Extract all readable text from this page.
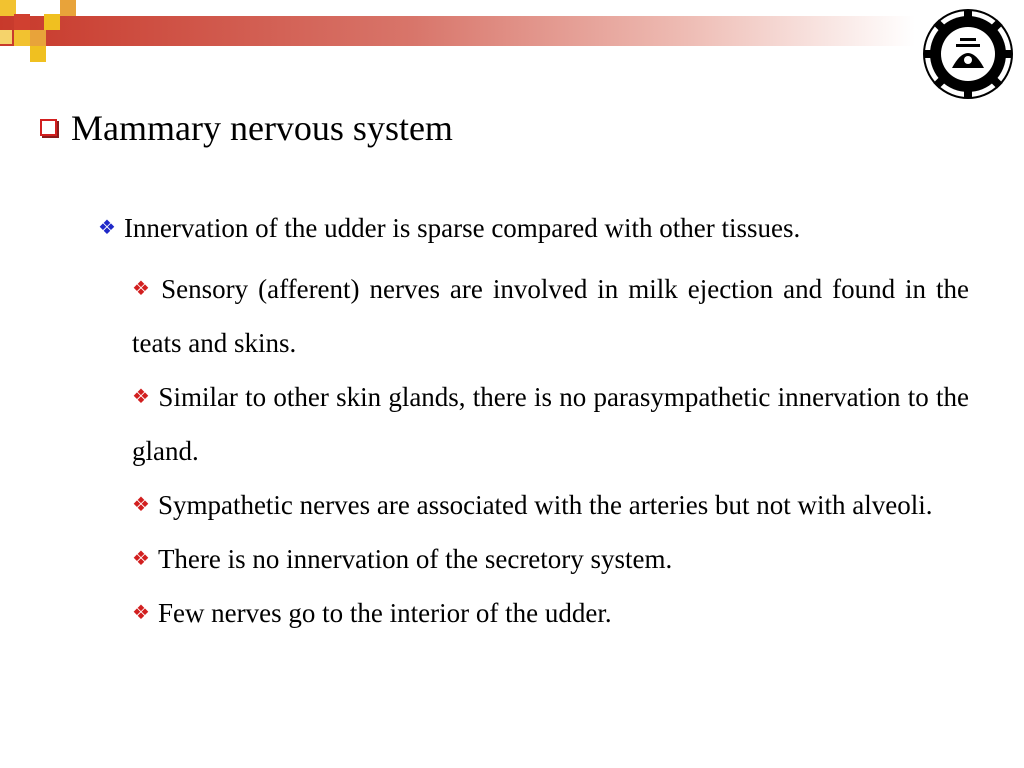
Mammary nervous system
❖ Innervation of the udder is sparse compared with other tissues.

❖ Sensory (afferent) nerves are involved in milk ejection and found in the teats and skins.

❖ Similar to other skin glands, there is no parasympathetic innervation to the gland.

❖ Sympathetic nerves are associated with the arteries but not with alveoli.

❖ There is no innervation of the secretory system.

❖ Few nerves go to the interior of the udder.
